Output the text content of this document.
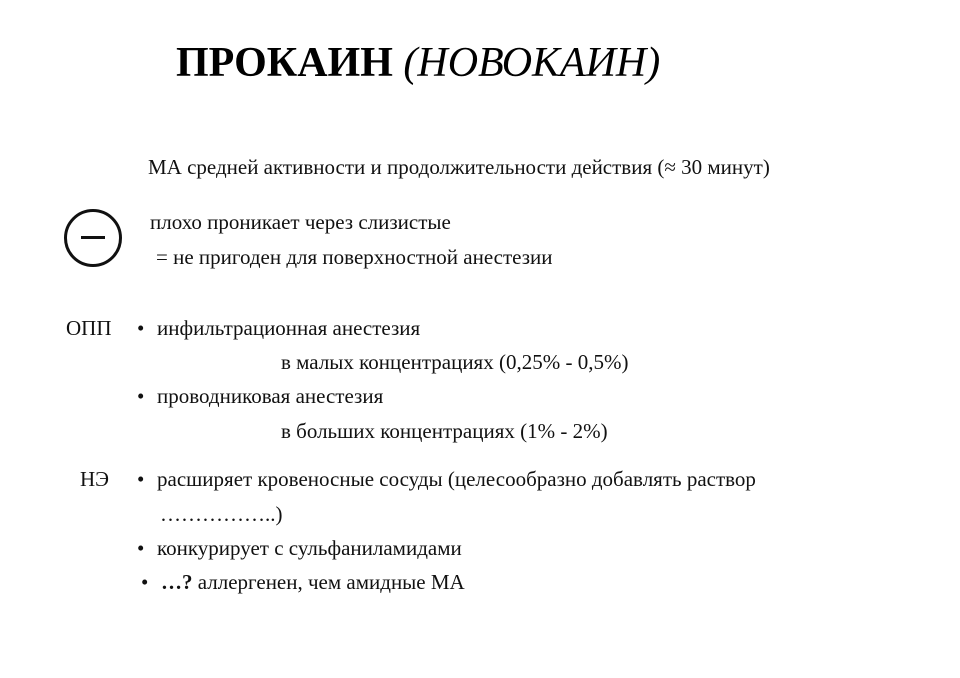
ПРОКАИН (НОВОКАИН)
МА средней активности и продолжительности действия (≈ 30 минут)
плохо проникает через слизистые
= не пригоден для поверхностной анестезии
ОПП • инфильтрационная анестезия
в малых концентрациях (0,25% - 0,5%)
• проводниковая анестезия
в больших концентрациях (1% - 2%)
НЭ • расширяет кровеносные сосуды (целесообразно добавлять раствор
……………..)
• конкурирует с сульфаниламидами
• …? аллергенен, чем амидные МА
